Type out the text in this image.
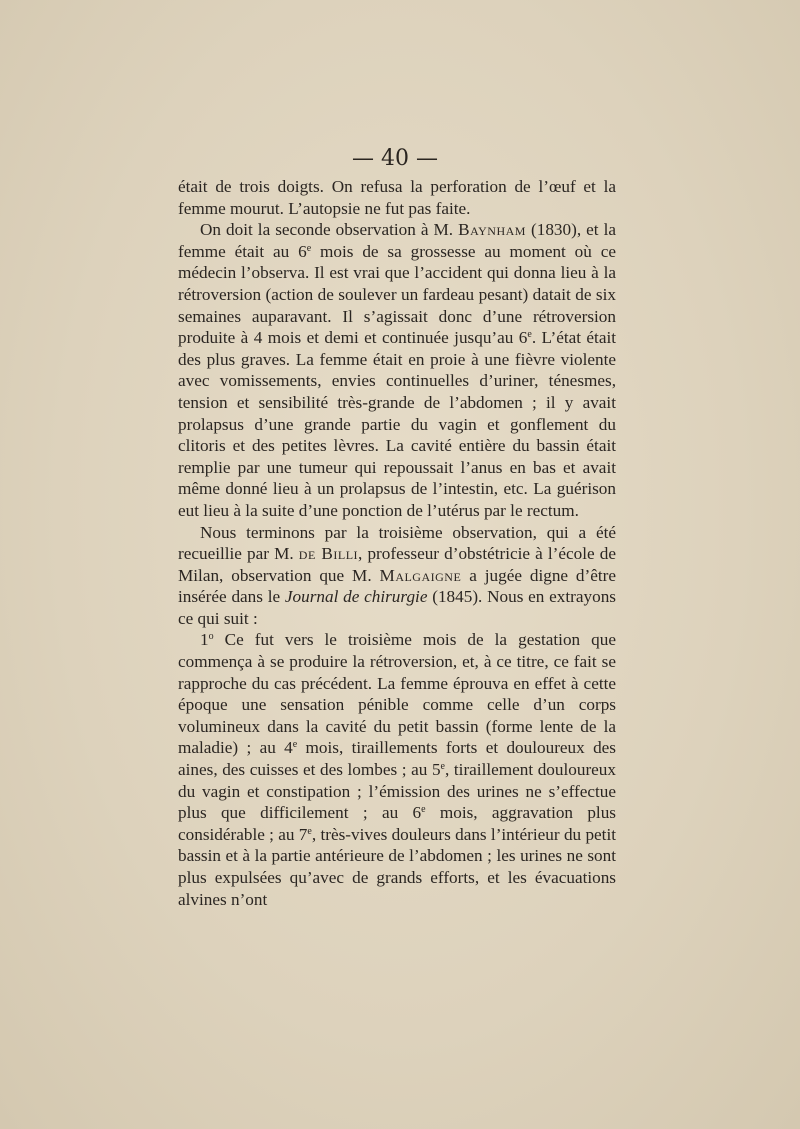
— 40 —

était de trois doigts. On refusa la perforation de l’œuf et la femme mourut. L’autopsie ne fut pas faite.

On doit la seconde observation à M. Baynham (1830), et la femme était au 6e mois de sa grossesse au moment où ce médecin l’observa. Il est vrai que l’accident qui donna lieu à la rétroversion (action de soulever un fardeau pesant) datait de six semaines auparavant. Il s’agissait donc d’une rétroversion produite à 4 mois et demi et continuée jusqu’au 6e. L’état était des plus graves. La femme était en proie à une fièvre violente avec vomissements, envies continuelles d’uriner, ténesmes, tension et sensibilité très-grande de l’abdomen ; il y avait prolapsus d’une grande partie du vagin et gonflement du clitoris et des petites lèvres. La cavité entière du bassin était remplie par une tumeur qui repoussait l’anus en bas et avait même donné lieu à un prolapsus de l’intestin, etc. La guérison eut lieu à la suite d’une ponction de l’utérus par le rectum.

Nous terminons par la troisième observation, qui a été recueillie par M. de Billi, professeur d’obstétricie à l’école de Milan, observation que M. Malgaigne a jugée digne d’être insérée dans le Journal de chirurgie (1845). Nous en extrayons ce qui suit :

1$^o$ Ce fut vers le troisième mois de la gestation que commença à se produire la rétroversion, et, à ce titre, ce fait se rapproche du cas précédent. La femme éprouva en effet à cette époque une sensation pénible comme celle d’un corps volumineux dans la cavité du petit bassin (forme lente de la maladie) ; au 4e mois, tiraillements forts et douloureux des aines, des cuisses et des lombes ; au 5e, tiraillement douloureux du vagin et constipation ; l’émission des urines ne s’effectue plus que difficilement ; au 6e mois, aggravation plus considérable ; au 7e, très-vives douleurs dans l’intérieur du petit bassin et à la partie antérieure de l’abdomen ; les urines ne sont plus expulsées qu’avec de grands efforts, et les évacuations alvines n’ont
